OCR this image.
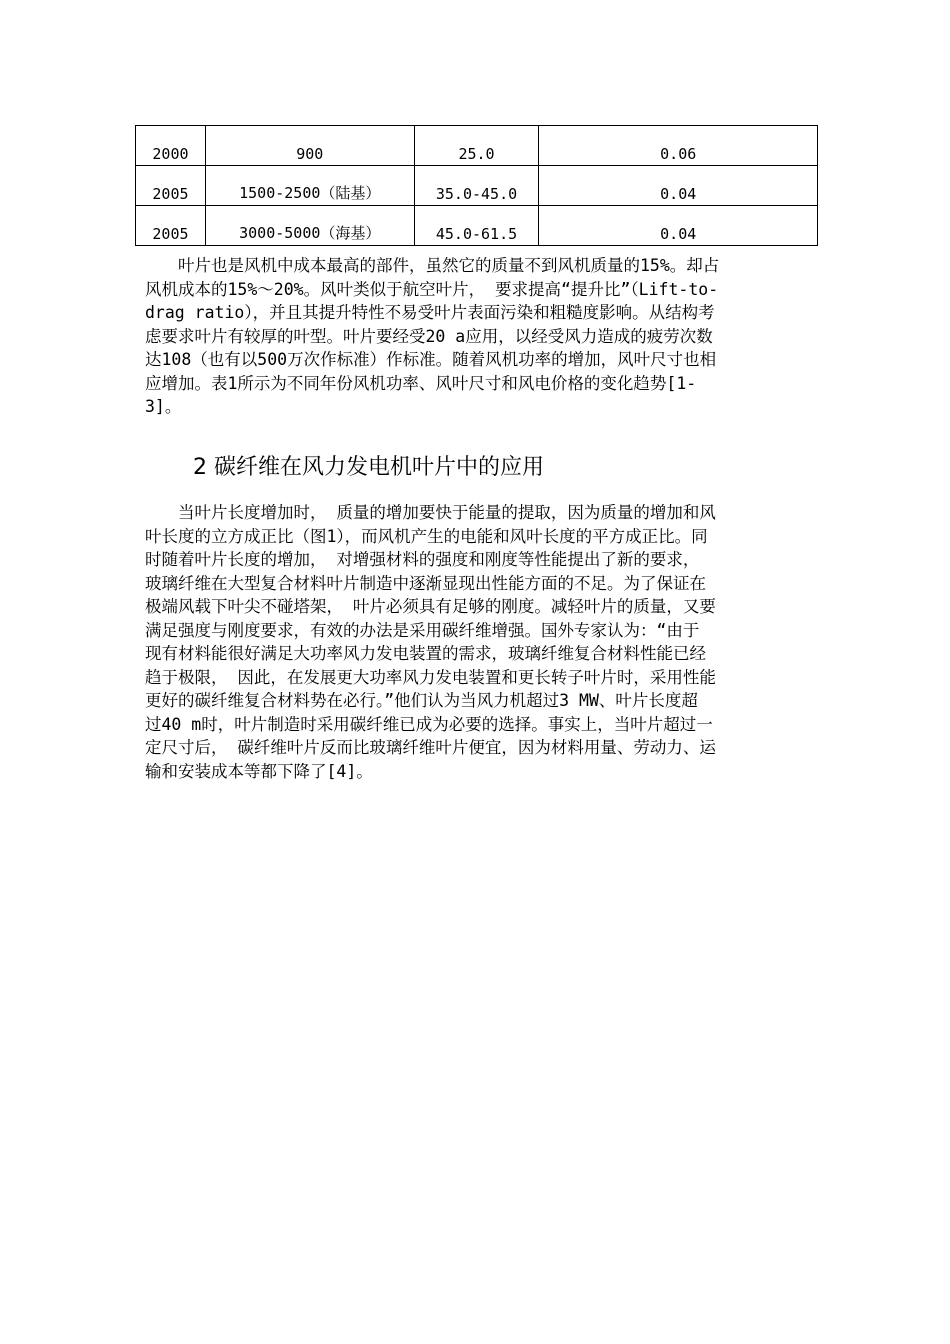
2000	900	25.0	0.06
2005	1500-2500（陆基）	35.0-45.0	0.04
2005	3000-5000（海基）	45.0-61.5	0.04

　　叶片也是风机中成本最高的部件，虽然它的质量不到风机质量的15%。却占
风机成本的15%～20%。风叶类似于航空叶片， 要求提高“提升比”（Lift-to-
drag ratio），并且其提升特性不易受叶片表面污染和粗糙度影响。从结构考
虑要求叶片有较厚的叶型。叶片要经受20 a应用，以经受风力造成的疲劳次数
达108（也有以500万次作标准）作标准。随着风机功率的增加，风叶尺寸也相
应增加。表1所示为不同年份风机功率、风叶尺寸和风电价格的变化趋势[1-
3]。

2 碳纤维在风力发电机叶片中的应用

　　当叶片长度增加时， 质量的增加要快于能量的提取，因为质量的增加和风
叶长度的立方成正比（图1），而风机产生的电能和风叶长度的平方成正比。同
时随着叶片长度的增加， 对增强材料的强度和刚度等性能提出了新的要求，
玻璃纤维在大型复合材料叶片制造中逐渐显现出性能方面的不足。为了保证在
极端风载下叶尖不碰塔架， 叶片必须具有足够的刚度。减轻叶片的质量，又要
满足强度与刚度要求，有效的办法是采用碳纤维增强。国外专家认为：“由于
现有材料能很好满足大功率风力发电装置的需求，玻璃纤维复合材料性能已经
趋于极限， 因此，在发展更大功率风力发电装置和更长转子叶片时，采用性能
更好的碳纤维复合材料势在必行。”他们认为当风力机超过3 MW、叶片长度超
过40 m时，叶片制造时采用碳纤维已成为必要的选择。事实上，当叶片超过一
定尺寸后， 碳纤维叶片反而比玻璃纤维叶片便宜，因为材料用量、劳动力、运
输和安装成本等都下降了[4]。
